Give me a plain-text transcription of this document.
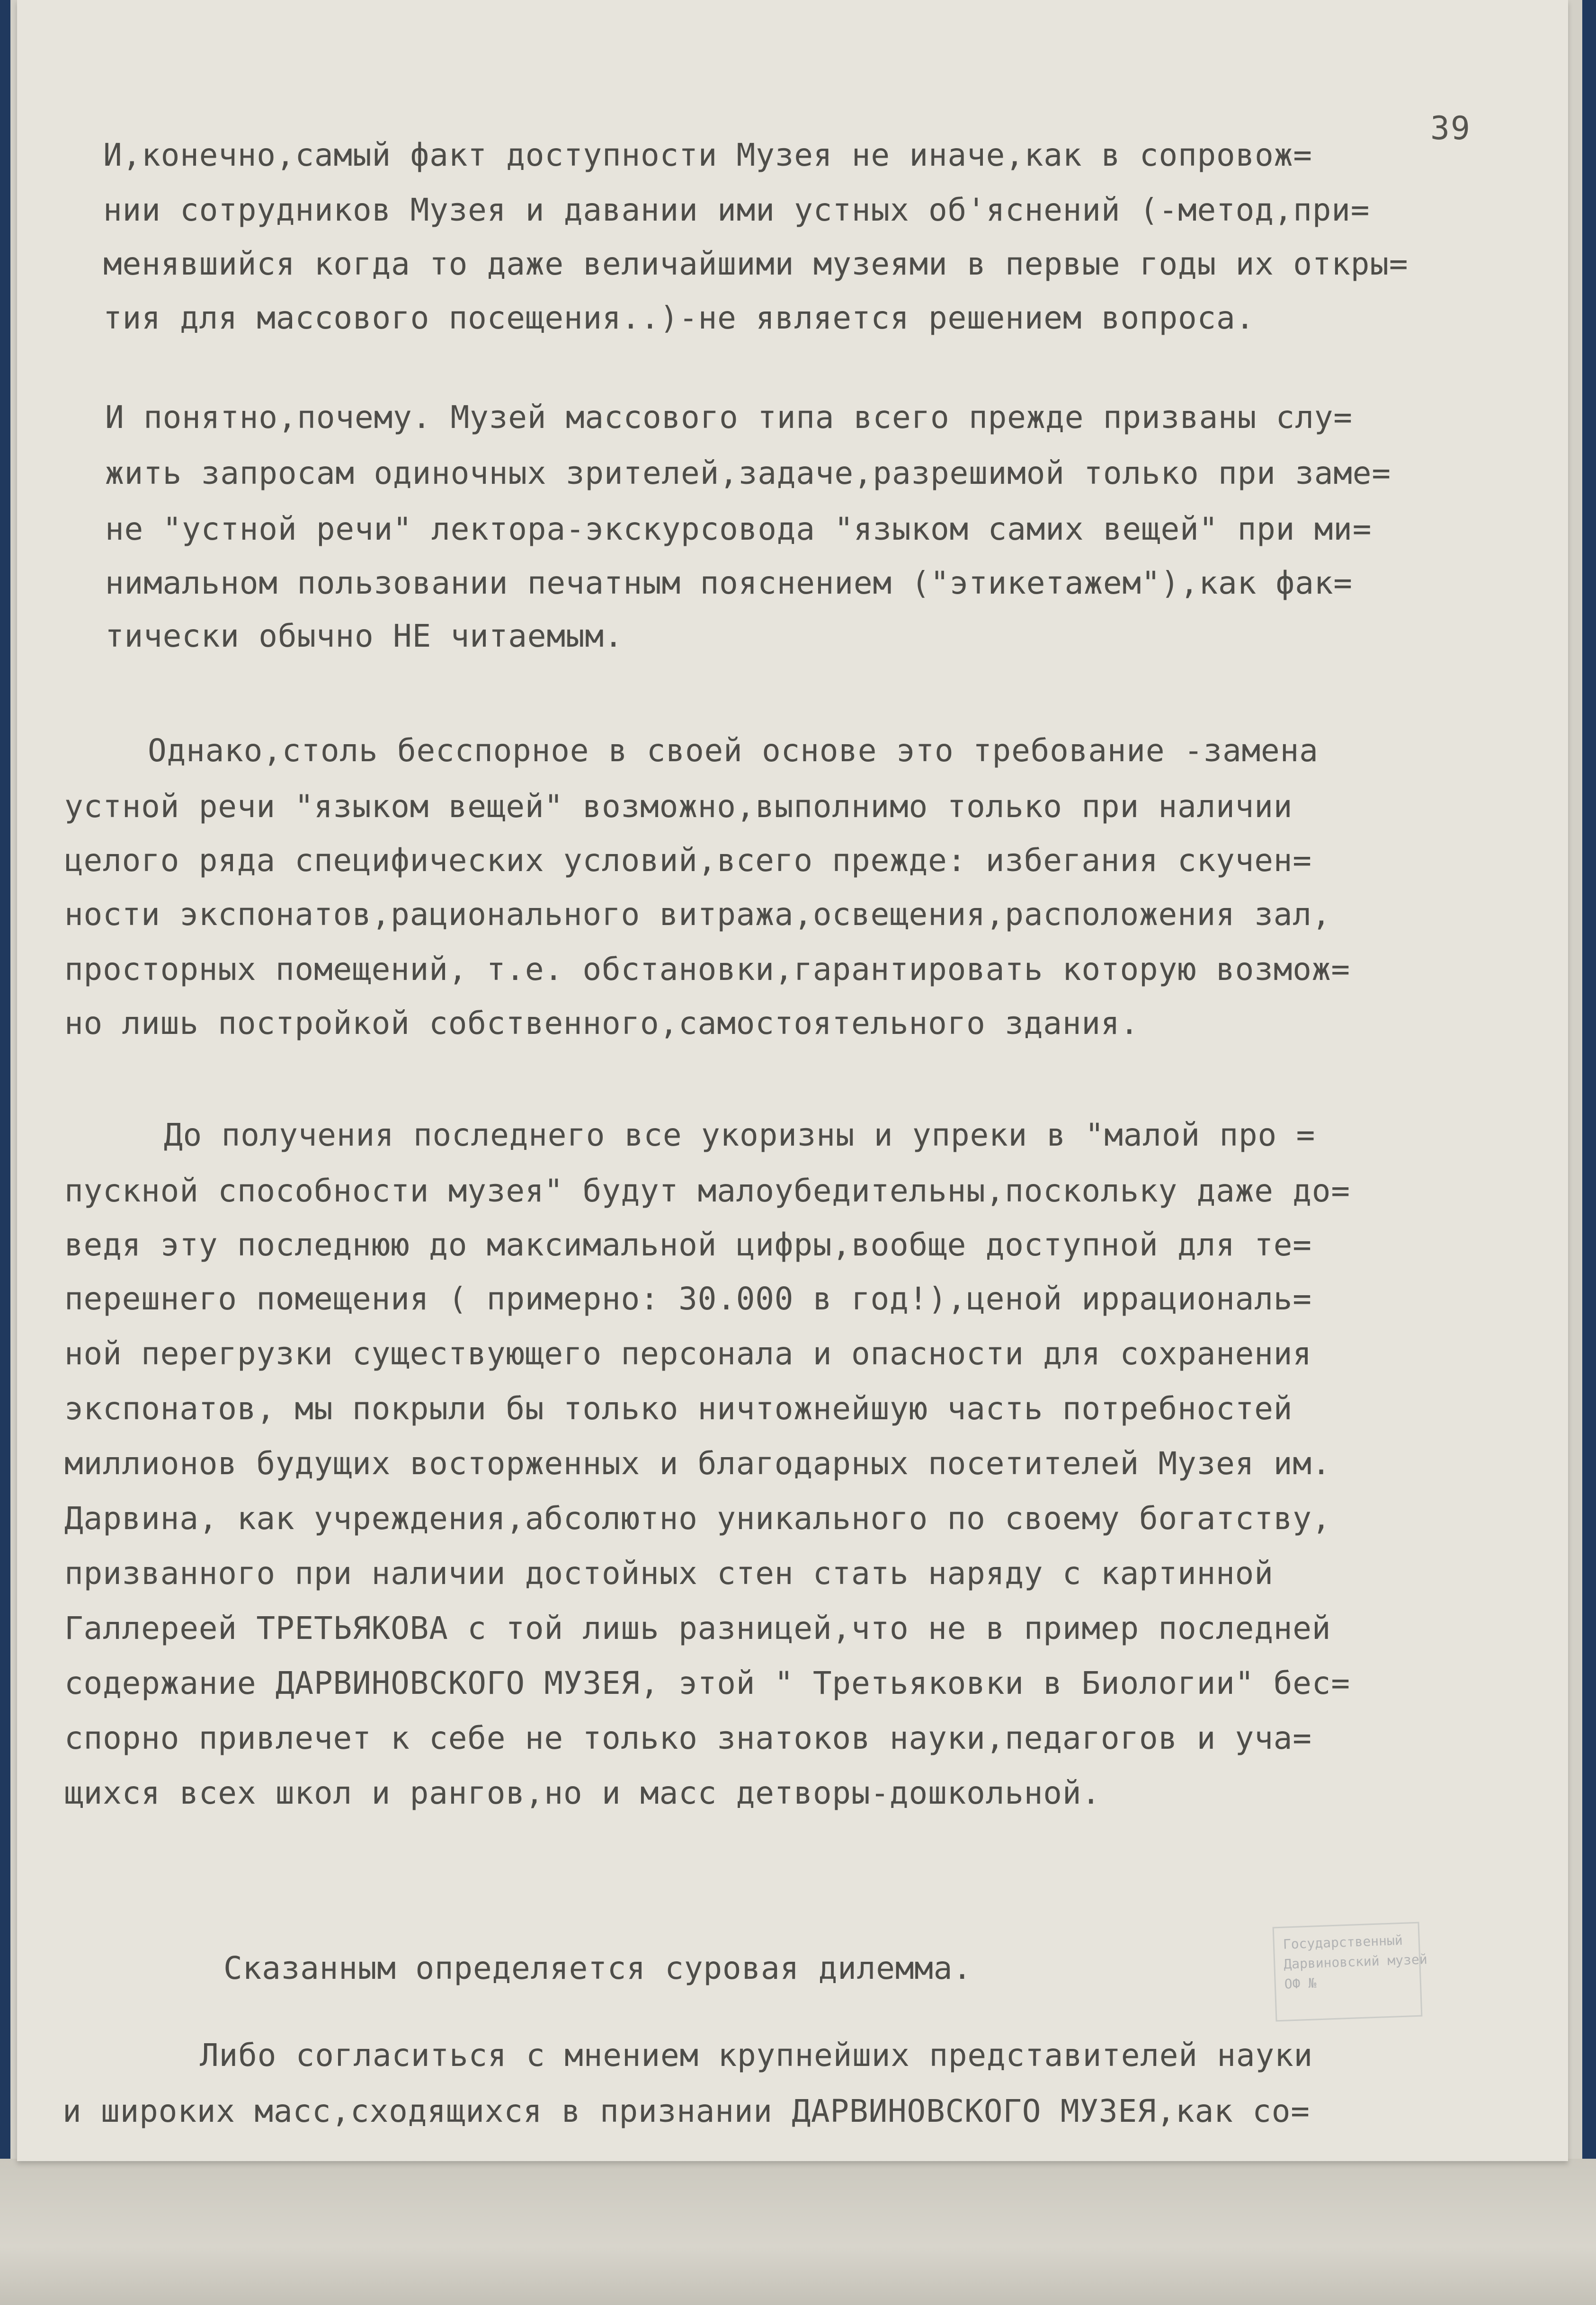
39
И,конечно,самый факт доступности Музея не иначе,как в сопровож=
нии сотрудников Музея и давании ими устных об'яснений (-метод,при=
менявшийся когда то даже величайшими музеями в первые годы их откры=
тия для массового посещения..)-не является решением вопроса.
И понятно,почему. Музей массового типа всего прежде призваны слу=
жить запросам одиночных зрителей,задаче,разрешимой только при заме=
не "устной речи" лектора-экскурсовода "языком самих вещей" при ми=
нимальном пользовании печатным пояснением ("этикетажем"),как фак=
тически обычно НЕ читаемым.
Однако,столь бесспорное в своей основе это требование -замена
устной речи "языком вещей" возможно,выполнимо только при наличии
целого ряда специфических условий,всего прежде: избегания скучен=
ности экспонатов,рационального витража,освещения,расположения зал,
просторных помещений, т.е. обстановки,гарантировать которую возмож=
но лишь постройкой собственного,самостоятельного здания.
До получения последнего все укоризны и упреки в "малой про =
пускной способности музея" будут малоубедительны,поскольку даже до=
ведя эту последнюю до максимальной цифры,вообще доступной для те=
перешнего помещения ( примерно: 30.000 в год!),ценой иррациональ=
ной перегрузки существующего персонала и опасности для сохранения
экспонатов, мы покрыли бы только ничтожнейшую часть потребностей
миллионов будущих восторженных и благодарных посетителей Музея им.
Дарвина, как учреждения,абсолютно уникального по своему богатству,
призванного при наличии достойных стен стать наряду с картинной
Галлереей ТРЕТЬЯКОВА с той лишь разницей,что не в пример последней
содержание ДАРВИНОВСКОГО МУЗЕЯ, этой " Третьяковки в Биологии" бес=
спорно привлечет к себе не только знатоков науки,педагогов и уча=
щихся всех школ и рангов,но и масс детворы-дошкольной.
Сказанным определяется суровая дилемма.
Либо согласиться с мнением крупнейших представителей науки
и широких масс,сходящихся в признании ДАРВИНОВСКОГО МУЗЕЯ,как со=
Государственный
Дарвиновский музей
ОФ №
